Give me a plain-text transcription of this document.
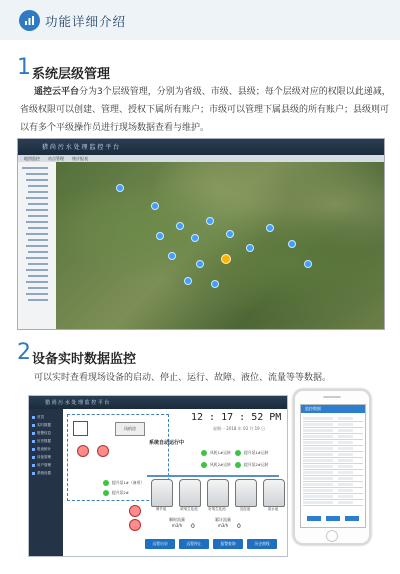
功能详细介绍
1 系统层级管理
遥控云平台分为3个层级管理，分别为省级、市级、县级；每个层级对应的权限以此递减，
省级权限可以创建、管理、授权下属所有账户；市级可以管理下属县级的所有账户；县级则可
以有多个平级操作员进行现场数据查看与维护。
猎 尚 污 水 处 理 监 控 平 台
地图监控 站点管理 统计报表
2 设备实时数据监控
可以实时查看现场设备的启动、停止、运行、故障、液位、流量等等数据。
猎 尚 污 水 处 理 监 控 平 台
首页
实时数据
报警信息
历史数据
报表统计
设备管理
用户管理
系统设置
风机房
系统自动运行中
风机1#运转	提升泵1#运转
风机2#运转	提升泵2#运转
提升泵1#（备用）
提升泵2#
12 : 17 : 52 PM
星期一 2018 年 03 月 19 日
调节池	缺氧生化池	好氧生化池	沉淀池	清水池
瞬时流量
m3/h	0
累计流量
m3/h	0
远程启动	远程停止	报警查询	历史曲线
监控数据
